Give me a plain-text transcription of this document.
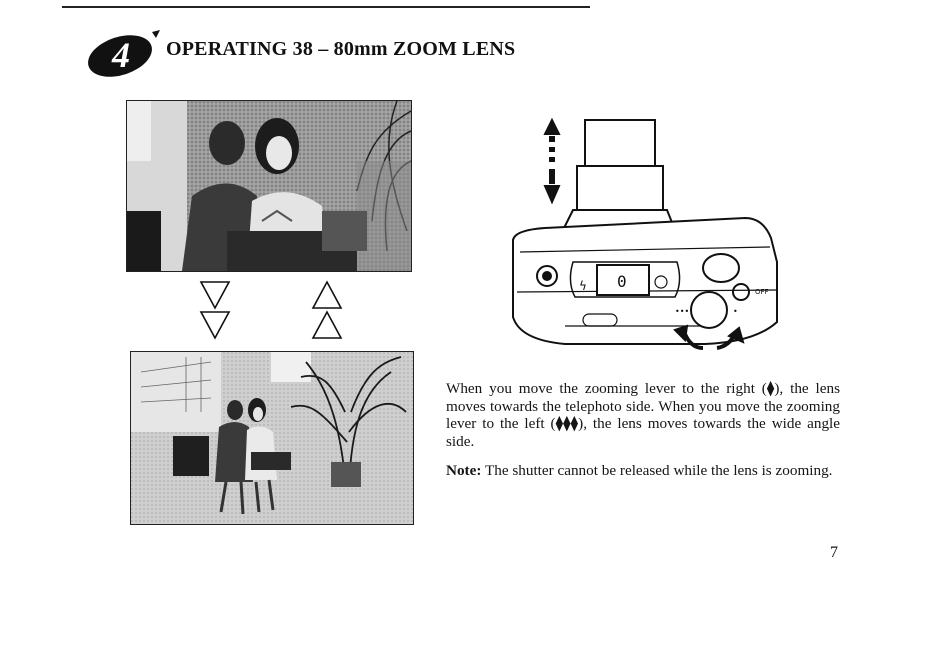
4 OPERATING 38 – 80mm ZOOM LENS
0
ϟ	OFF
•••	•

When you move the zooming lever to the right (⧫), the lens moves towards the telephoto side. When you move the zooming lever to the left (⧫⧫⧫), the lens moves towards the wide angle side.

Note: The shutter cannot be released while the lens is zooming.

7
